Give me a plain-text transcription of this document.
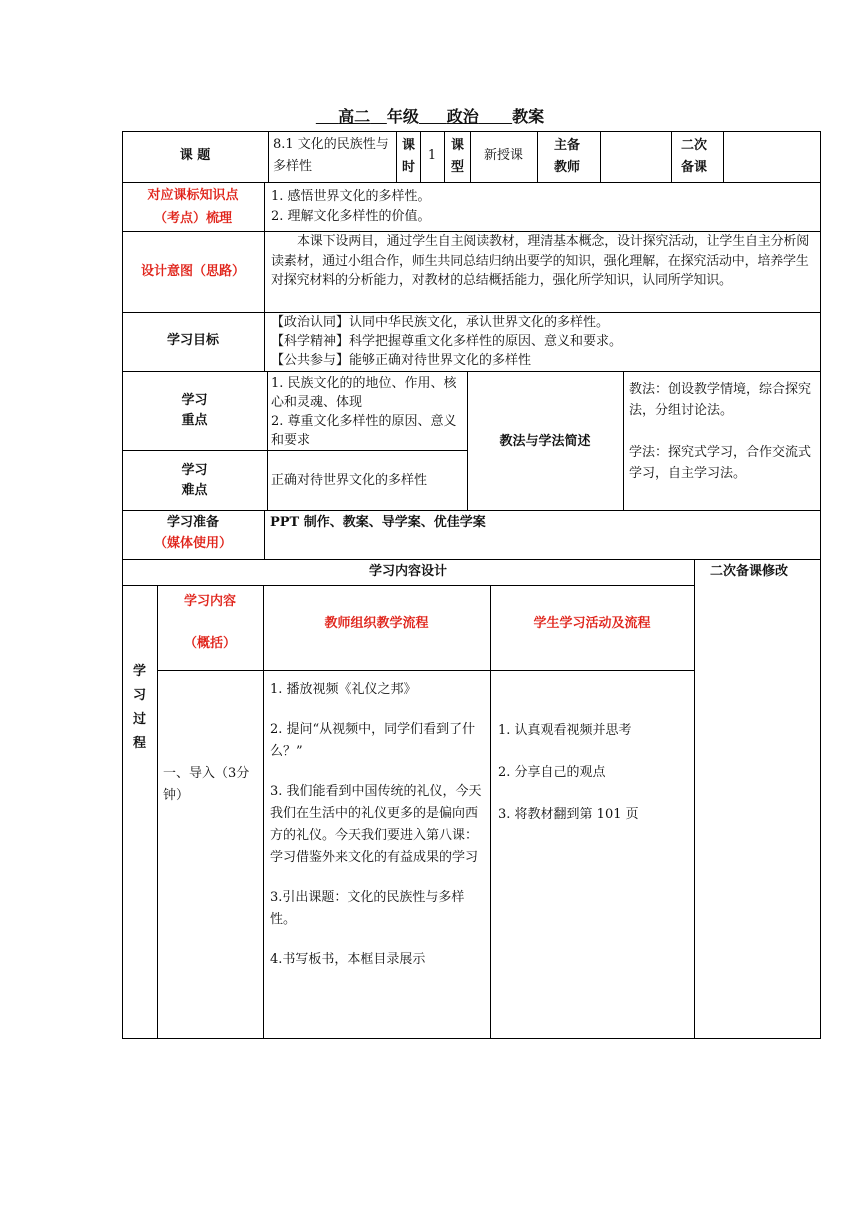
高二 年级 政治 教案
课 题
8.1 文化的民族性与多样性
课时
1
课型
新授课
主备教师
二次备课
对应课标知识点
（考点）梳理
1. 感悟世界文化的多样性。
2. 理解文化多样性的价值。
设计意图（思路）
本课下设两目，通过学生自主阅读教材，理清基本概念，设计探究活动，让学生自主分析阅读素材，通过小组合作，师生共同总结归纳出要学的知识，强化理解，在探究活动中，培养学生对探究材料的分析能力，对教材的总结概括能力，强化所学知识，认同所学知识。
学习目标
【政治认同】认同中华民族文化，承认世界文化的多样性。
【科学精神】科学把握尊重文化多样性的原因、意义和要求。
【公共参与】能够正确对待世界文化的多样性
学习
重点
1. 民族文化的的地位、作用、核心和灵魂、体现
2. 尊重文化多样性的原因、意义和要求
学习
难点
正确对待世界文化的多样性
教法与学法简述
教法：创设教学情境，综合探究法，分组讨论法。
学法：探究式学习，合作交流式学习，自主学习法。
学习准备
（媒体使用）
PPT 制作、教案、导学案、优佳学案
学习内容设计	二次备课修改
学
习
过
程
学习内容
（概括）
教师组织教学流程	学生学习活动及流程
一、导入（3分钟）
1. 播放视频《礼仪之邦》
2. 提问“从视频中，同学们看到了什么？”
3. 我们能看到中国传统的礼仪，今天我们在生活中的礼仪更多的是偏向西方的礼仪。今天我们要进入第八课：学习借鉴外来文化的有益成果的学习
3.引出课题：文化的民族性与多样性。
4.书写板书，本框目录展示
1. 认真观看视频并思考
2. 分享自己的观点
3. 将教材翻到第 101 页
